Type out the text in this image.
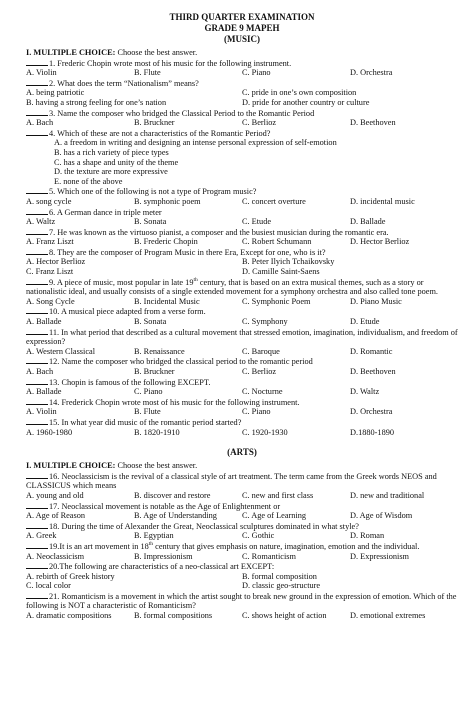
THIRD QUARTER EXAMINATION
GRADE 9 MAPEH
(MUSIC)
I. MULTIPLE CHOICE: Choose the best answer.
1. Frederic Chopin wrote most of his music for the following instrument.
A. Violin	B. Flute	C. Piano	D. Orchestra
2. What does the term “Nationalism” means?
A. being patriotic	C. pride in one’s own composition
B. having a strong feeling for one’s nation	D. pride for another country or culture
3. Name the composer who bridged the Classical Period to the Romantic Period
A. Bach	B. Bruckner	C. Berlioz	D. Beethoven
4. Which of these are not a characteristics of the Romantic Period?
A. a freedom in writing and designing an intense personal expression of self-emotion
B. has a rich variety of piece types
C. has a shape and unity of the theme
D. the texture are more expressive
E. none of the above
5. Which one of the following is not a type of Program music?
A. song cycle	B. symphonic poem	C. concert overture	D. incidental music
6. A German dance in triple meter
A. Waltz	B. Sonata	C. Etude	D. Ballade
7. He was known as the virtuoso pianist, a composer and the busiest musician during the romantic era.
A. Franz Liszt	B. Frederic Chopin	C. Robert Schumann	D. Hector Berlioz
8. They are the composer of Program Music in there Era, Except for one, who is it?
A. Hector Berlioz	B. Peter Ilyich Tchaikovsky
C. Franz Liszt	D. Camille Saint-Saens
9. A piece of music, most popular in late 19th century, that is based on an extra musical themes, such as a story or nationalistic ideal, and usually consists of a single extended movement for a symphony orchestra and also called tone poem.
A. Song Cycle	B. Incidental Music	C. Symphonic Poem	D. Piano Music
10. A musical piece adapted from a verse form.
A. Ballade	B. Sonata	C. Symphony	D. Etude
11. In what period that described as a cultural movement that stressed emotion, imagination, individualism, and freedom of expression?
A. Western Classical	B. Renaissance	C. Baroque	D. Romantic
12. Name the composer who bridged the classical period to the romantic period
A. Bach	B. Bruckner	C. Berlioz	D. Beethoven
13. Chopin is famous of the following EXCEPT.
A. Ballade	C. Piano	C. Nocturne	D. Waltz
14. Frederick Chopin wrote most of his music for the following instrument.
A. Violin	B. Flute	C. Piano	D. Orchestra
15. In what year did music of the romantic period started?
A. 1960-1980	B. 1820-1910	C. 1920-1930	D.1880-1890
(ARTS)
I. MULTIPLE CHOICE: Choose the best answer.
16. Neoclassicism is the revival of a classical style of art treatment. The term came from the Greek words NEOS and CLASSICUS which means
A. young and old	B. discover and restore	C. new and first class	D. new and traditional
17. Neoclassical movement is notable as the Age of Enlightenment or
A. Age of Reason	B. Age of Understanding	C. Age of Learning	D. Age of Wisdom
18. During the time of Alexander the Great, Neoclassical sculptures dominated in what style?
A. Greek	B. Egyptian	C. Gothic	D. Roman
19.It is an art movement in 18th century that gives emphasis on nature, imagination, emotion and the individual.
A. Neoclassicism	B. Impressionism	C. Romanticism	D. Expressionism
20.The following are characteristics of a neo-classical art EXCEPT:
A. rebirth of Greek history	B. formal composition
C. local color	D. classic geo-structure
21. Romanticism is a movement in which the artist sought to break new ground in the expression of emotion. Which of the following is NOT a characteristic of Romanticism?
A. dramatic compositions	B. formal compositions	C. shows height of action	D. emotional extremes
